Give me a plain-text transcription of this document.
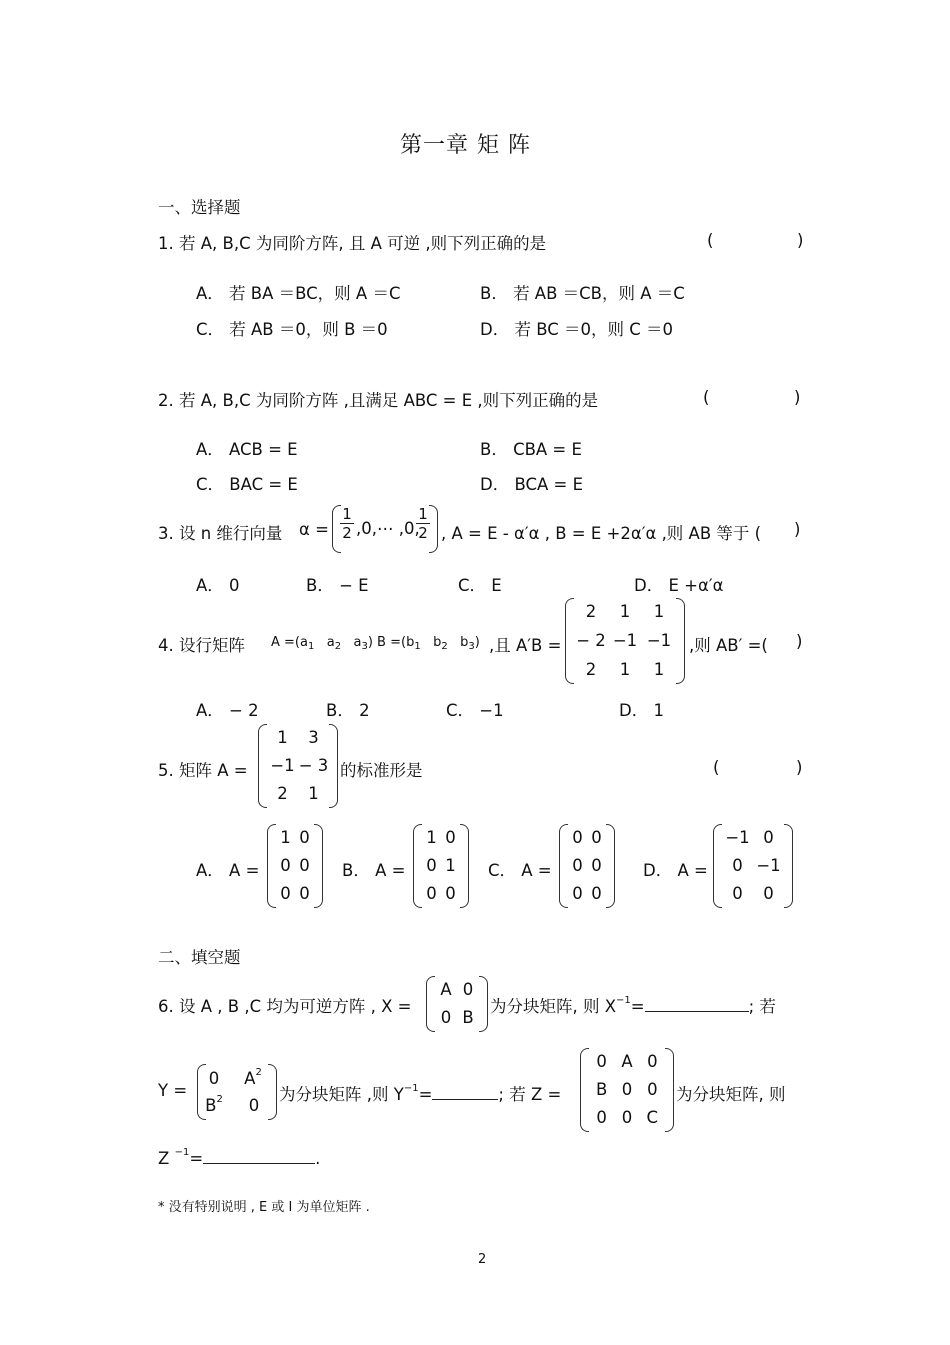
第一章 矩 阵
一、选择题
1. 若 A, B,C 为同阶方阵, 且 A 可逆 ,则下列正确的是	(	)
A． 若 BA ＝BC，则 A ＝C	B． 若 AB ＝CB，则 A ＝C
C． 若 AB ＝0，则 B ＝0	D． 若 BC ＝0，则 C ＝0
2. 若 A, B,C 为同阶方阵 ,且满足 ABC = E ,则下列正确的是	(	)
A． ACB = E	B． CBA = E
C． BAC = E	D． BCA = E
3. 设 n 维行向量 $\alpha = \frac{1}{2}$ ,0,⋯ ,0,
$\frac{1}{2}$ , A = E - α′α , B = E +2α′α ,则 AB 等于 ( )
A． 0	B． − E	C． E	D． E +α′α
4. 设行矩阵 $A =(a_1$ $a_2$ $a_3$) $B =(b_1$ $b_2$ $b_3$) ,且 A′B =
2	1	1
− 2 −1 −1
2	1	1
,则 AB′ =( )
A． − 2	B． 2	C． −1	D． 1
5. 矩阵 A =
1	3
−1 − 3
2	1
的标准形是	(	)
A． A =
1 0
0 0
0 0
B． A =
1 0
0 1
0 0
C． A =
0 0
0 0
0 0
D． A =
−1 0
0 −1
0	0
二、填空题
6. 设 A , B ,C 均为可逆方阵 , X =
A 0
0 B
为分块矩阵, 则 $X^{-1}=$	; 若
Y =
0	$A^2$
$B^2$	0
为分块矩阵 ,则 $Y^{-1}=$	; 若 Z =
0 A 0
B 0 0
0 0 C
为分块矩阵, 则
Z $^{-1}$=	.
* 没有特别说明 , E 或 I 为单位矩阵 .
2
